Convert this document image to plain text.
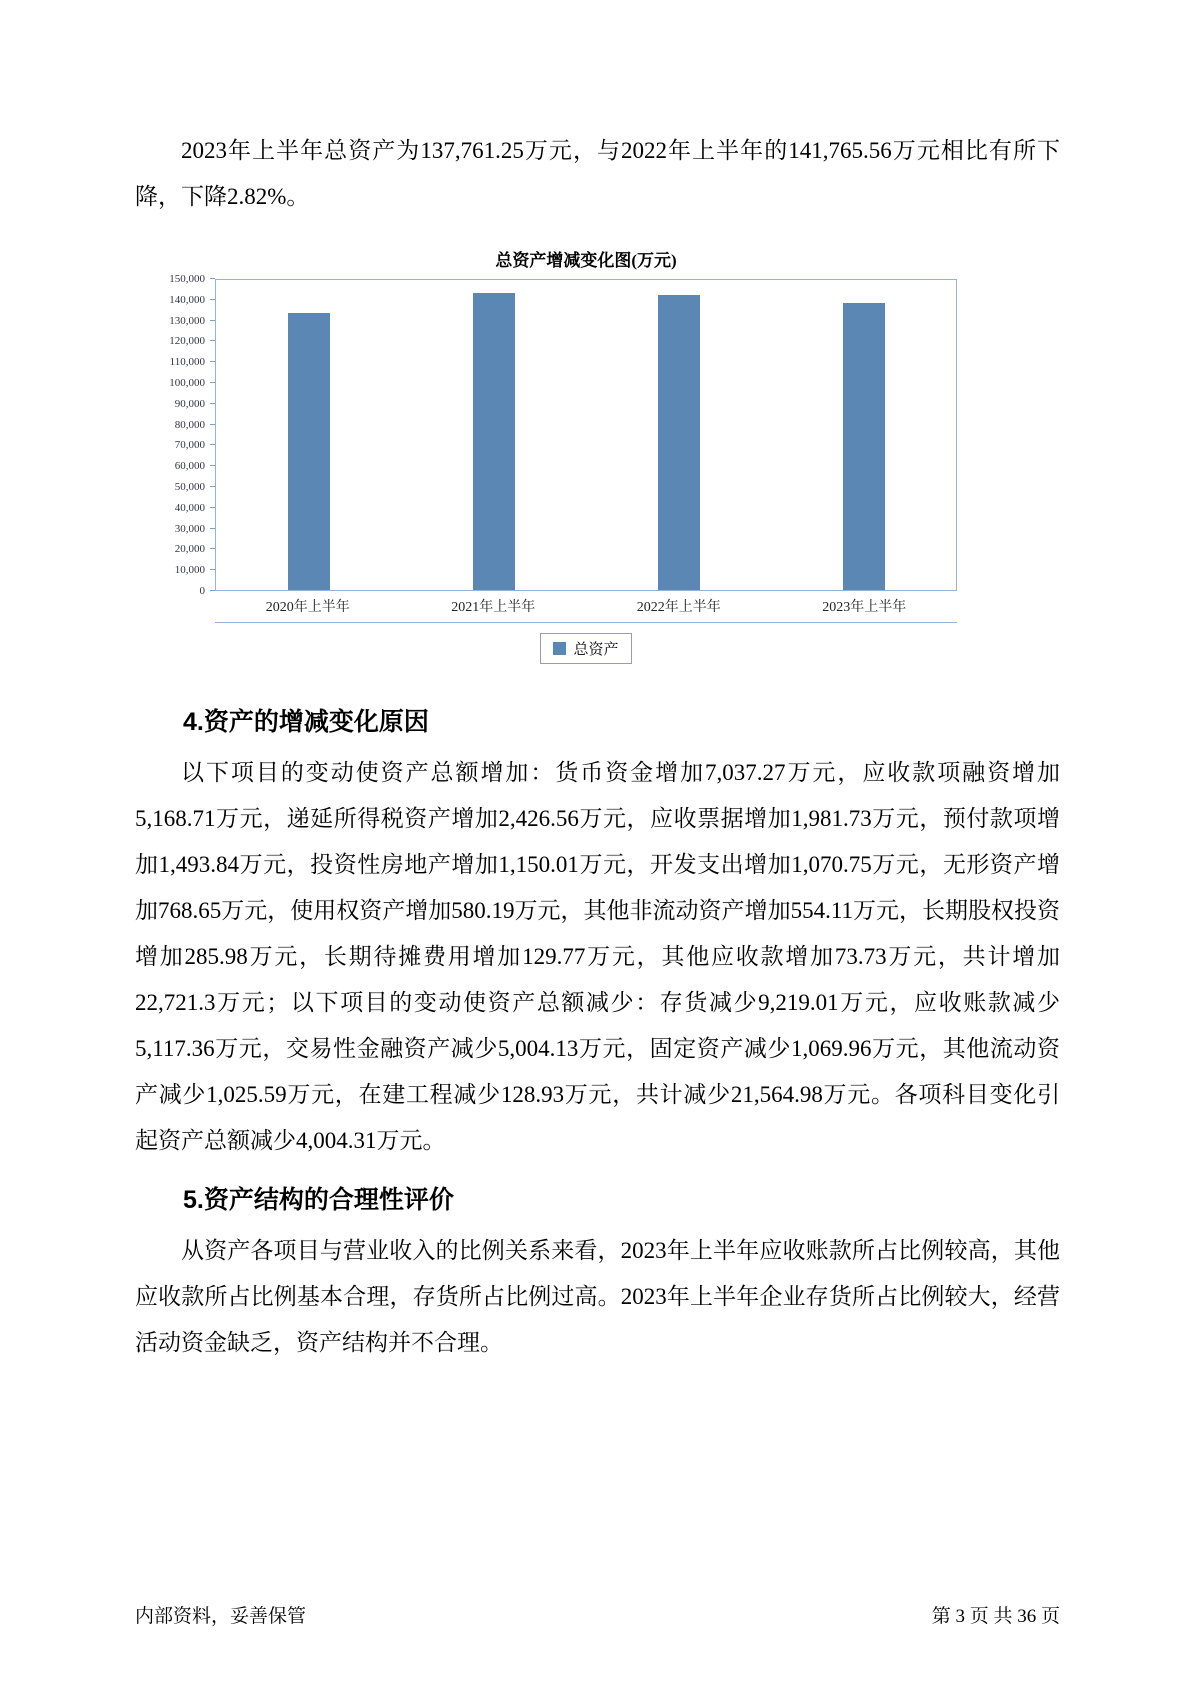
2023年上半年总资产为137,761.25万元，与2022年上半年的141,765.56万元相比有所下降，下降2.82%。

总资产增减变化图(万元)
0
10,000
20,000
30,000
40,000
50,000
60,000
70,000
80,000
90,000
100,000
110,000
120,000
130,000
140,000
150,000
2020年上半年	2021年上半年	2022年上半年	2023年上半年
总资产
4.资产的增减变化原因

以下项目的变动使资产总额增加：货币资金增加7,037.27万元，应收款项融资增加5,168.71万元，递延所得税资产增加2,426.56万元，应收票据增加1,981.73万元，预付款项增加1,493.84万元，投资性房地产增加1,150.01万元，开发支出增加1,070.75万元，无形资产增加768.65万元，使用权资产增加580.19万元，其他非流动资产增加554.11万元，长期股权投资增加285.98万元，长期待摊费用增加129.77万元，其他应收款增加73.73万元，共计增加22,721.3万元；以下项目的变动使资产总额减少：存货减少9,219.01万元，应收账款减少5,117.36万元，交易性金融资产减少5,004.13万元，固定资产减少1,069.96万元，其他流动资产减少1,025.59万元，在建工程减少128.93万元，共计减少21,564.98万元。各项科目变化引起资产总额减少4,004.31万元。

5.资产结构的合理性评价

从资产各项目与营业收入的比例关系来看，2023年上半年应收账款所占比例较高，其他应收款所占比例基本合理，存货所占比例过高。2023年上半年企业存货所占比例较大，经营活动资金缺乏，资产结构并不合理。

内部资料，妥善保管	第 3 页 共 36 页
